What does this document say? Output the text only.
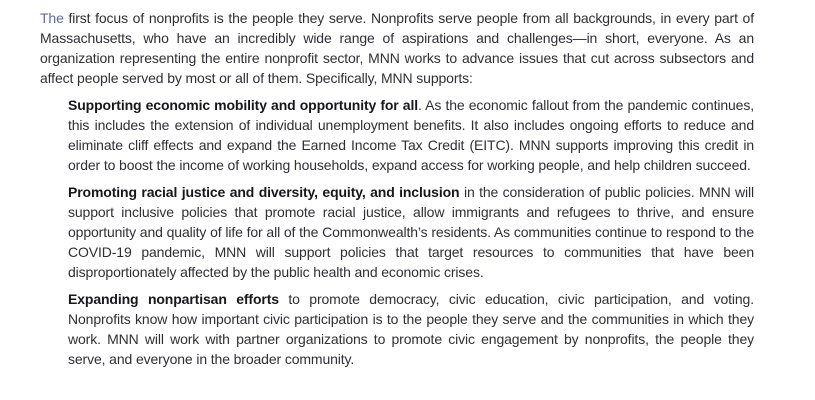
The first focus of nonprofits is the people they serve. Nonprofits serve people from all backgrounds, in every part of Massachusetts, who have an incredibly wide range of aspirations and challenges—in short, everyone. As an organization representing the entire nonprofit sector, MNN works to advance issues that cut across subsectors and affect people served by most or all of them. Specifically, MNN supports:

Supporting economic mobility and opportunity for all. As the economic fallout from the pandemic continues, this includes the extension of individual unemployment benefits. It also includes ongoing efforts to reduce and eliminate cliff effects and expand the Earned Income Tax Credit (EITC). MNN supports improving this credit in order to boost the income of working households, expand access for working people, and help children succeed.

Promoting racial justice and diversity, equity, and inclusion in the consideration of public policies. MNN will support inclusive policies that promote racial justice, allow immigrants and refugees to thrive, and ensure opportunity and quality of life for all of the Commonwealth’s residents. As communities continue to respond to the COVID-19 pandemic, MNN will support policies that target resources to communities that have been disproportionately affected by the public health and economic crises.

Expanding nonpartisan efforts to promote democracy, civic education, civic participation, and voting. Nonprofits know how important civic participation is to the people they serve and the communities in which they work. MNN will work with partner organizations to promote civic engagement by nonprofits, the people they serve, and everyone in the broader community.
